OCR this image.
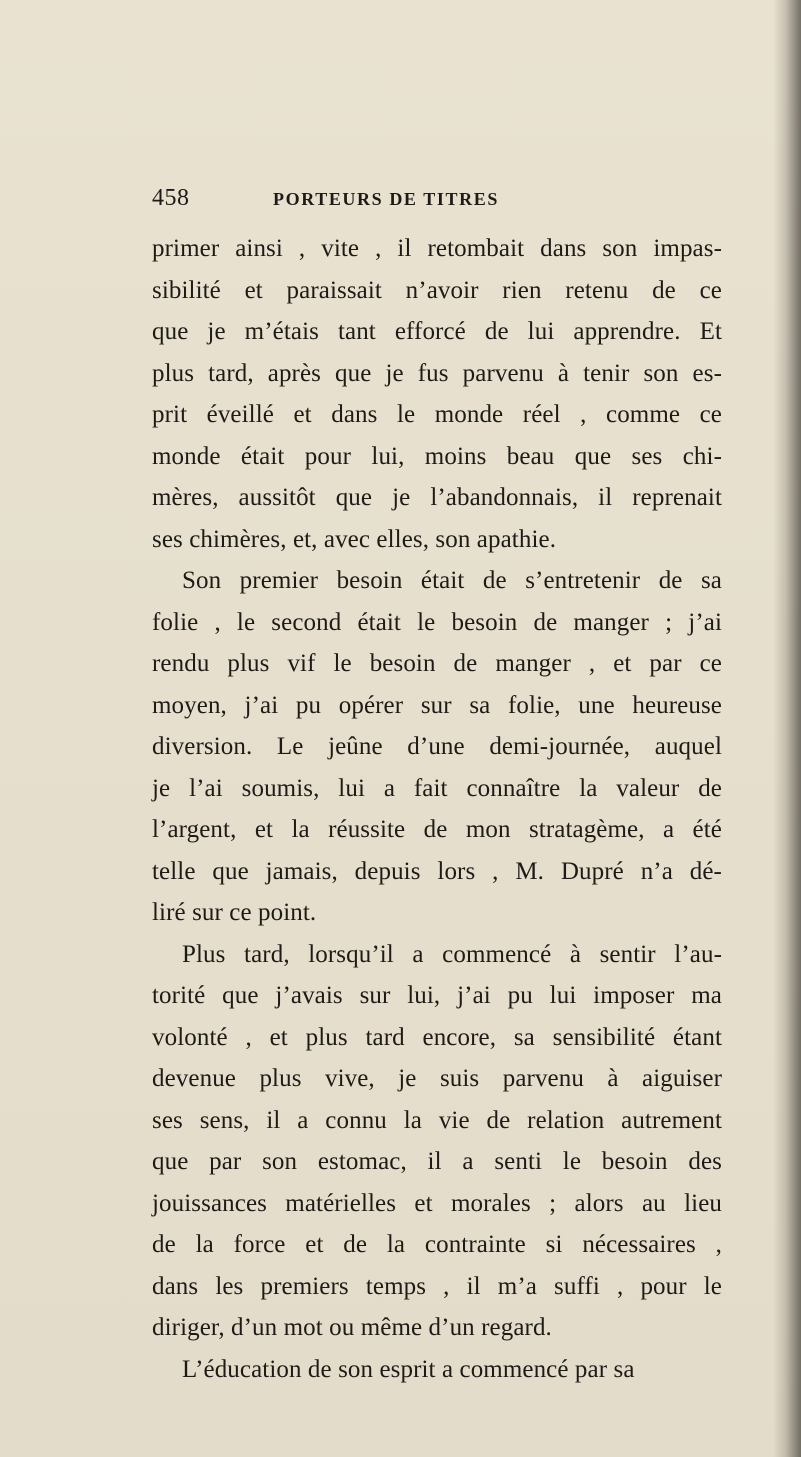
458	PORTEURS DE TITRES
primer ainsi , vite , il retombait dans son impas-
sibilité et paraissait n’avoir rien retenu de ce
que je m’étais tant efforcé de lui apprendre. Et
plus tard, après que je fus parvenu à tenir son es-
prit éveillé et dans le monde réel , comme ce
monde était pour lui, moins beau que ses chi-
mères, aussitôt que je l’abandonnais, il reprenait
ses chimères, et, avec elles, son apathie.
Son premier besoin était de s’entretenir de sa
folie , le second était le besoin de manger ; j’ai
rendu plus vif le besoin de manger , et par ce
moyen, j’ai pu opérer sur sa folie, une heureuse
diversion. Le jeûne d’une demi-journée, auquel
je l’ai soumis, lui a fait connaître la valeur de
l’argent, et la réussite de mon stratagème, a été
telle que jamais, depuis lors , M. Dupré n’a dé-
liré sur ce point.
Plus tard, lorsqu’il a commencé à sentir l’au-
torité que j’avais sur lui, j’ai pu lui imposer ma
volonté , et plus tard encore, sa sensibilité étant
devenue plus vive, je suis parvenu à aiguiser
ses sens, il a connu la vie de relation autrement
que par son estomac, il a senti le besoin des
jouissances matérielles et morales ; alors au lieu
de la force et de la contrainte si nécessaires ,
dans les premiers temps , il m’a suffi , pour le
diriger, d’un mot ou même d’un regard.
L’éducation de son esprit a commencé par sa
